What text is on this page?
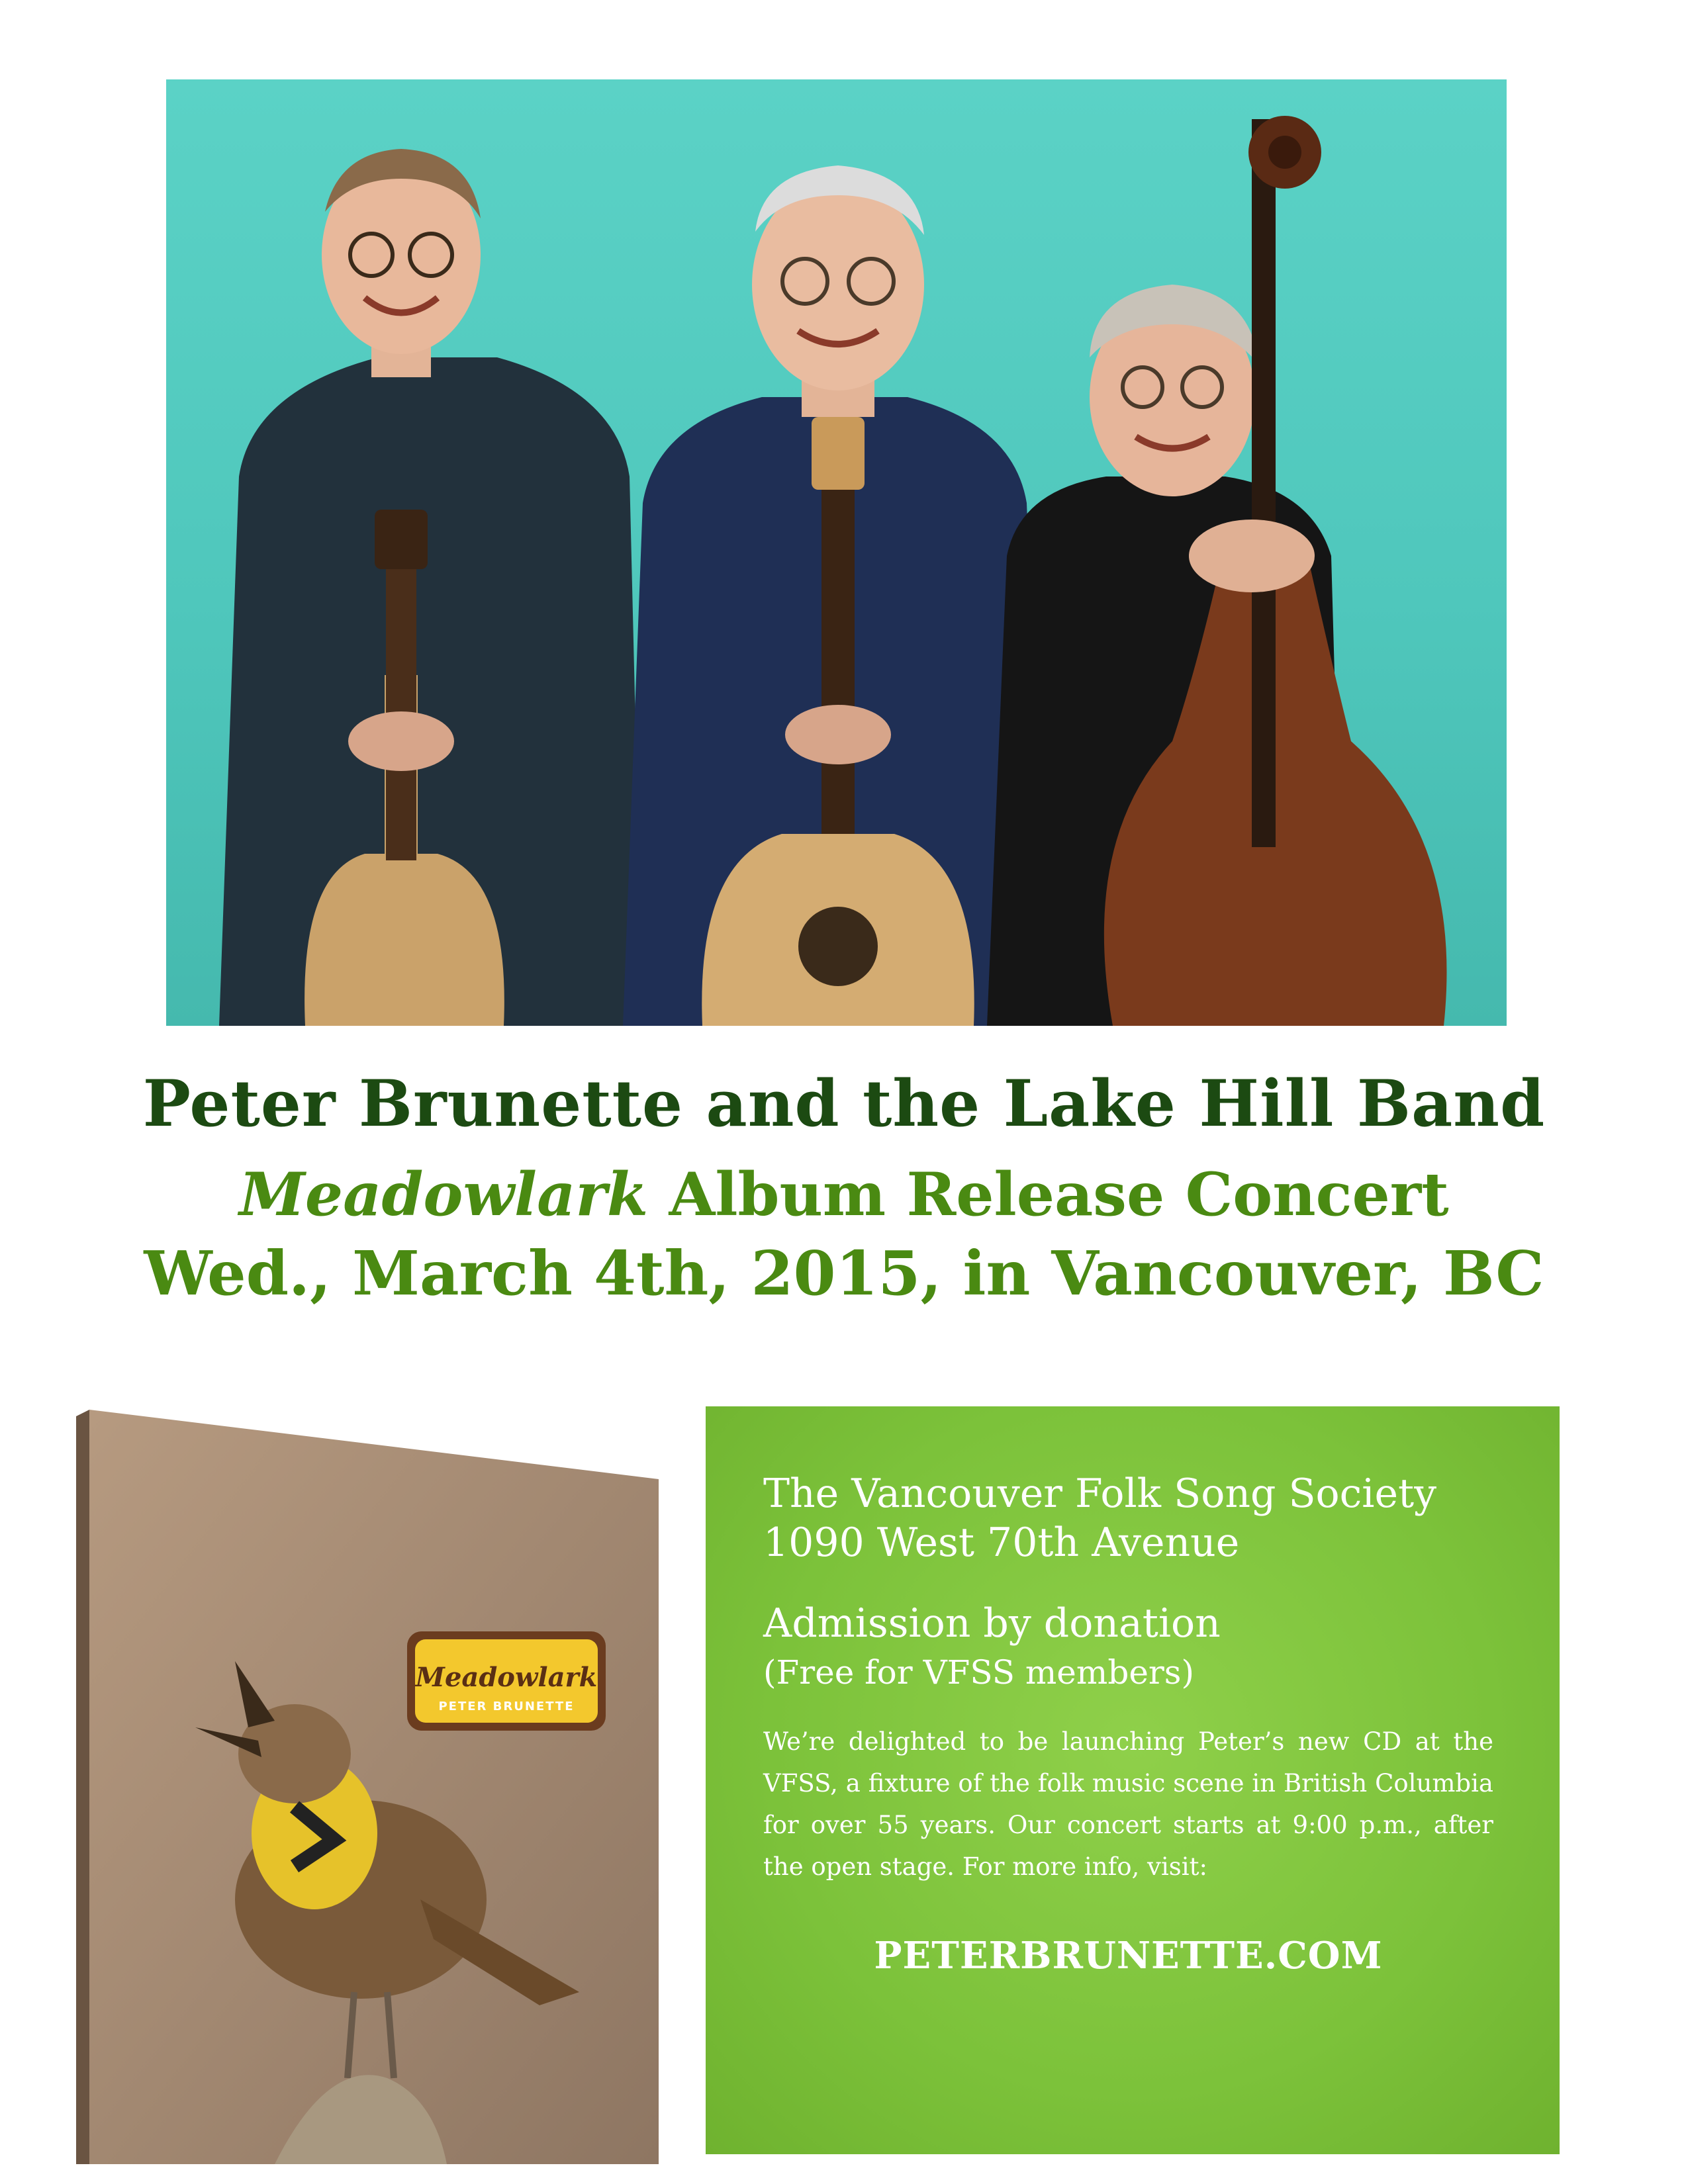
Peter Brunette and the Lake Hill Band
Meadowlark Album Release Concert
Wed., March 4th, 2015, in Vancouver, BC
Meadowlark
PETER BRUNETTE
The Vancouver Folk Song Society
1090 West 70th Avenue
Admission by donation
(Free for VFSS members)
We’re delighted to be launching Peter’s new CD at the VFSS, a fixture of the folk music scene in British Columbia for over 55 years. Our concert starts at 9:00 p.m., after the open stage. For more info, visit:
PETERBRUNETTE.COM
